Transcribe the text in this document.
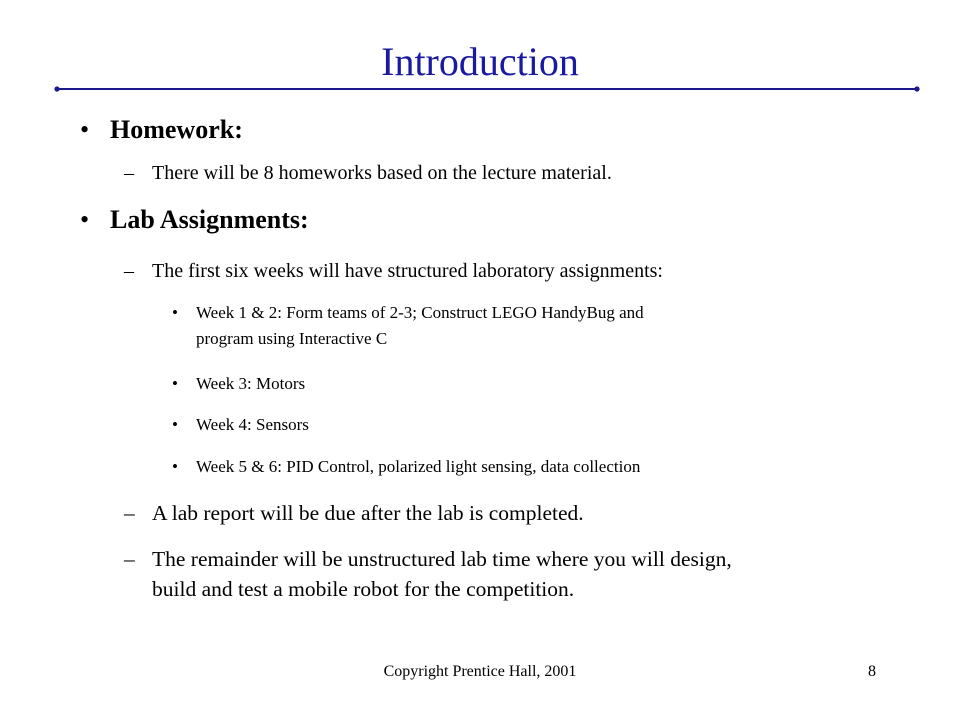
Introduction
• Homework:
– There will be 8 homeworks based on the lecture material.
• Lab Assignments:
– The first six weeks will have structured laboratory assignments:
• Week 1 & 2: Form teams of 2-3; Construct LEGO HandyBug and
program using Interactive C
• Week 3: Motors
• Week 4: Sensors
• Week 5 & 6: PID Control, polarized light sensing, data collection
– A lab report will be due after the lab is completed.
– The remainder will be unstructured lab time where you will design,
build and test a mobile robot for the competition.
Copyright Prentice Hall, 2001	8
